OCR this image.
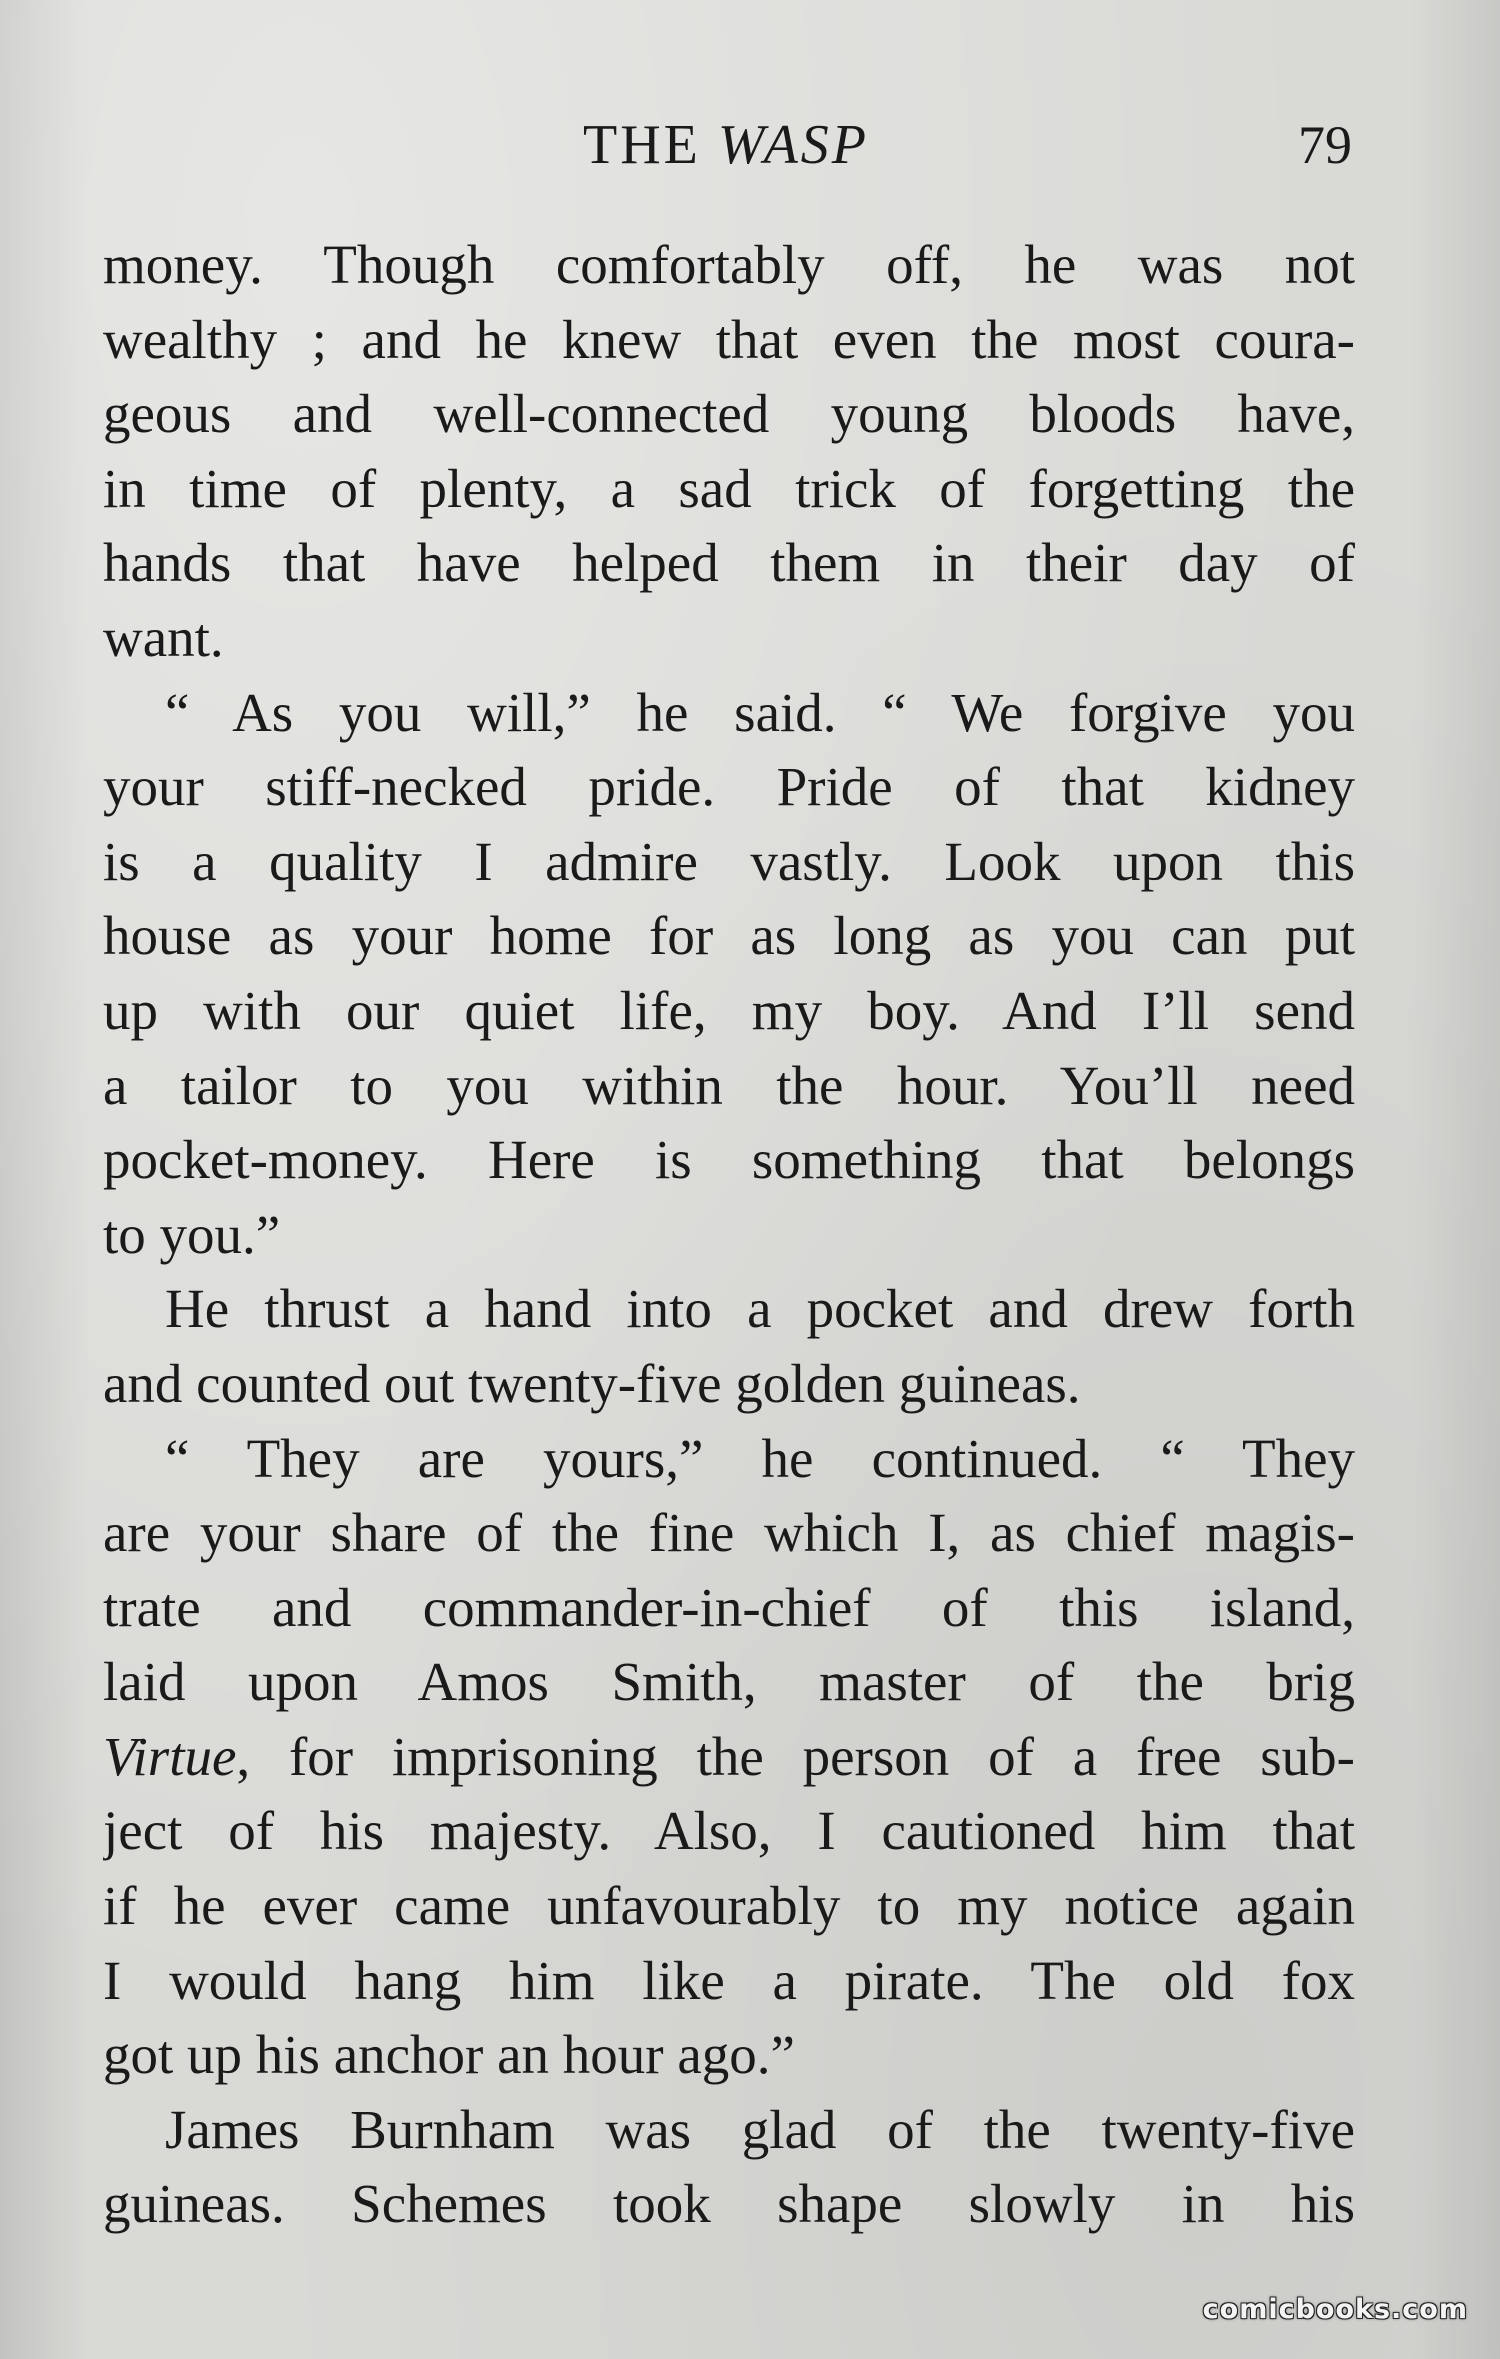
THE WASP	79
money. Though comfortably off, he was not
wealthy ; and he knew that even the most coura-
geous and well-connected young bloods have,
in time of plenty, a sad trick of forgetting the
hands that have helped them in their day of
want.
“ As you will,” he said. “ We forgive you
your stiff-necked pride. Pride of that kidney
is a quality I admire vastly. Look upon this
house as your home for as long as you can put
up with our quiet life, my boy. And I’ll send
a tailor to you within the hour. You’ll need
pocket-money. Here is something that belongs
to you.”
He thrust a hand into a pocket and drew forth
and counted out twenty-five golden guineas.
“ They are yours,” he continued. “ They
are your share of the fine which I, as chief magis-
trate and commander-in-chief of this island,
laid upon Amos Smith, master of the brig
Virtue, for imprisoning the person of a free sub-
ject of his majesty. Also, I cautioned him that
if he ever came unfavourably to my notice again
I would hang him like a pirate. The old fox
got up his anchor an hour ago.”
James Burnham was glad of the twenty-five
guineas. Schemes took shape slowly in his
comicbooks.com
